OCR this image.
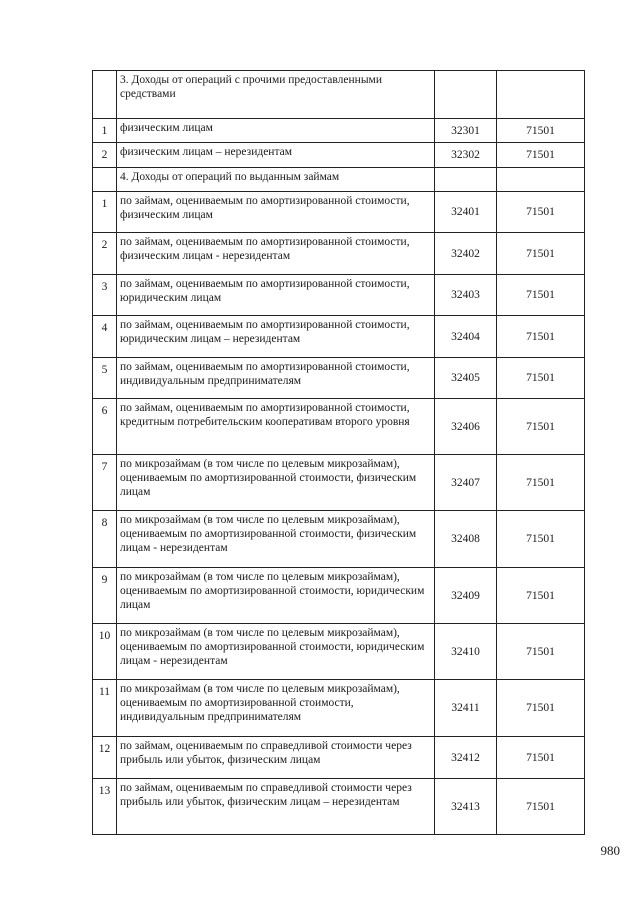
	3. Доходы от операций с прочими предоставленными средствами		
1	физическим лицам	32301	71501
2	физическим лицам – нерезидентам	32302	71501
	4. Доходы от операций по выданным займам		
1	по займам, оцениваемым по амортизированной стоимости, физическим лицам	32401	71501
2	по займам, оцениваемым по амортизированной стоимости, физическим лицам - нерезидентам	32402	71501
3	по займам, оцениваемым по амортизированной стоимости, юридическим лицам	32403	71501
4	по займам, оцениваемым по амортизированной стоимости, юридическим лицам – нерезидентам	32404	71501
5	по займам, оцениваемым по амортизированной стоимости, индивидуальным предпринимателям	32405	71501
6	по займам, оцениваемым по амортизированной стоимости, кредитным потребительским кооперативам второго уровня	32406	71501
7	по микрозаймам (в том числе по целевым микрозаймам), оцениваемым по амортизированной стоимости, физическим лицам	32407	71501
8	по микрозаймам (в том числе по целевым микрозаймам), оцениваемым по амортизированной стоимости, физическим лицам - нерезидентам	32408	71501
9	по микрозаймам (в том числе по целевым микрозаймам), оцениваемым по амортизированной стоимости, юридическим лицам	32409	71501
10	по микрозаймам (в том числе по целевым микрозаймам), оцениваемым по амортизированной стоимости, юридическим лицам - нерезидентам	32410	71501
11	по микрозаймам (в том числе по целевым микрозаймам), оцениваемым по амортизированной стоимости, индивидуальным предпринимателям	32411	71501
12	по займам, оцениваемым по справедливой стоимости через прибыль или убыток, физическим лицам	32412	71501
13	по займам, оцениваемым по справедливой стоимости через прибыль или убыток, физическим лицам – нерезидентам	32413	71501
980
